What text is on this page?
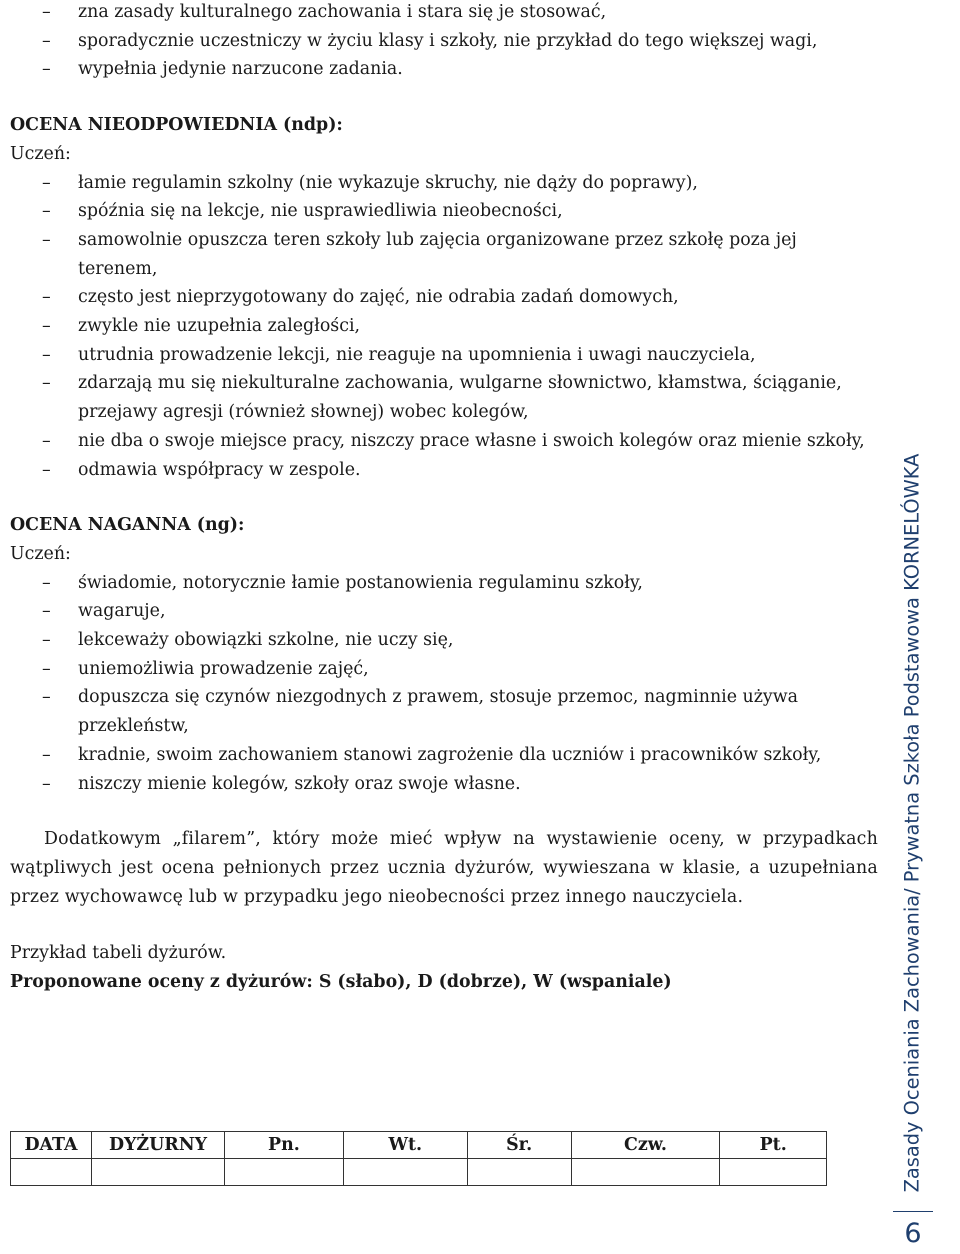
–	zna zasady kulturalnego zachowania i stara się je stosować,
–	sporadycznie uczestniczy w życiu klasy i szkoły, nie przykład do tego większej wagi,
–	wypełnia jedynie narzucone zadania.
OCENA NIEODPOWIEDNIA (ndp):
Uczeń:
–	łamie regulamin szkolny (nie wykazuje skruchy, nie dąży do poprawy),
–	spóźnia się na lekcje, nie usprawiedliwia nieobecności,
–	samowolnie opuszcza teren szkoły lub zajęcia organizowane przez szkołę poza jej terenem,
–	często jest nieprzygotowany do zajęć, nie odrabia zadań domowych,
–	zwykle nie uzupełnia zaległości,
–	utrudnia prowadzenie lekcji, nie reaguje na upomnienia i uwagi nauczyciela,
–	zdarzają mu się niekulturalne zachowania, wulgarne słownictwo, kłamstwa, ściąganie, przejawy agresji (również słownej) wobec kolegów,
–	nie dba o swoje miejsce pracy, niszczy prace własne i swoich kolegów oraz mienie szkoły,
–	odmawia współpracy w zespole.
OCENA NAGANNA (ng):
Uczeń:
–	świadomie, notorycznie łamie postanowienia regulaminu szkoły,
–	wagaruje,
–	lekceważy obowiązki szkolne, nie uczy się,
–	uniemożliwia prowadzenie zajęć,
–	dopuszcza się czynów niezgodnych z prawem, stosuje przemoc, nagminnie używa przekleństw,
–	kradnie, swoim zachowaniem stanowi zagrożenie dla uczniów i pracowników szkoły,
–	niszczy mienie kolegów, szkoły oraz swoje własne.

Dodatkowym „filarem”, który może mieć wpływ na wystawienie oceny, w przypadkach wątpliwych jest ocena pełnionych przez ucznia dyżurów, wywieszana w klasie, a uzupełniana przez wychowawcę lub w przypadku jego nieobecności przez innego nauczyciela.

Przykład tabeli dyżurów.

Proponowane oceny z dyżurów: S (słabo), D (dobrze), W (wspaniale)

DATA	DYŻURNY	Pn.	Wt.	Śr.	Czw.	Pt.
							Zasady Oceniania Zachowania/ Prywatna Szkoła Podstawowa KORNELÓWKA
6
